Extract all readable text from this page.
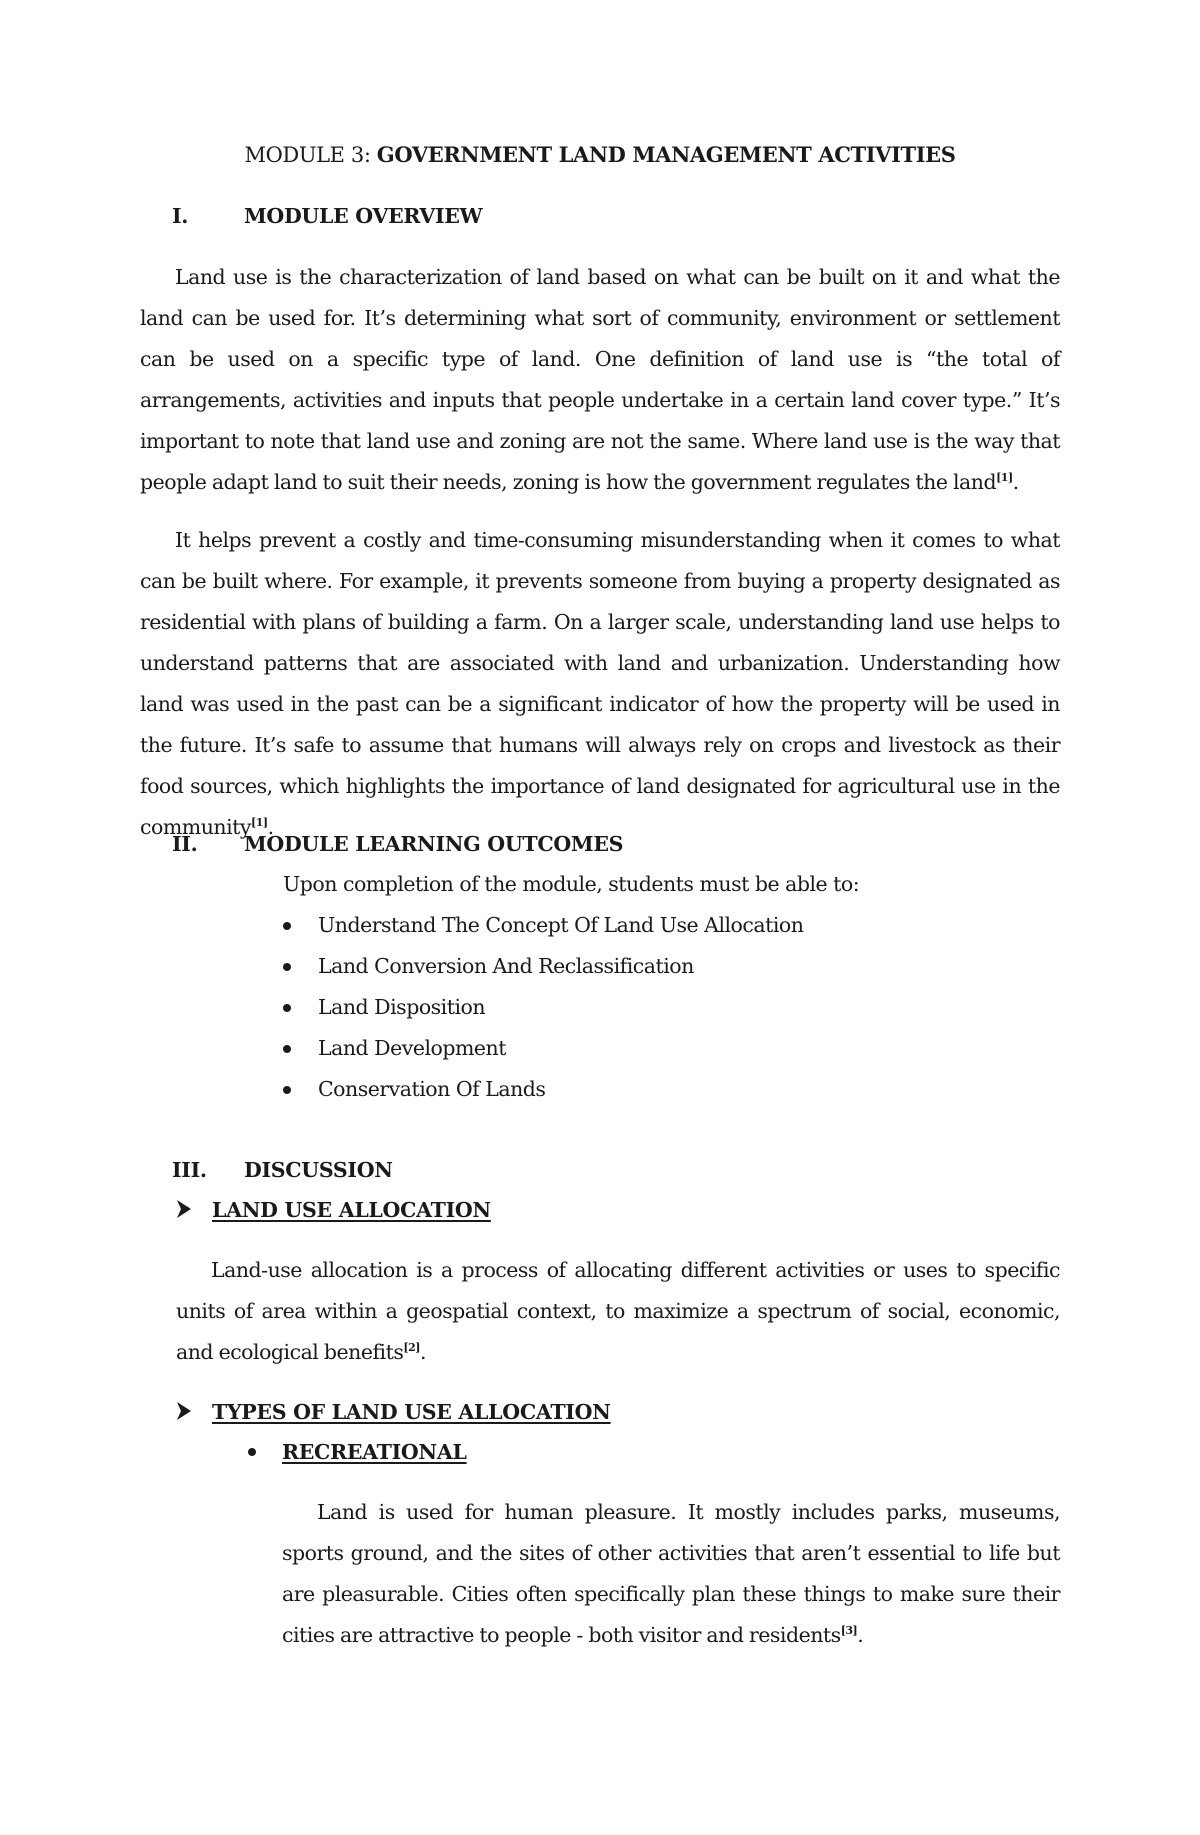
MODULE 3: GOVERNMENT LAND MANAGEMENT ACTIVITIES
I.	MODULE OVERVIEW

Land use is the characterization of land based on what can be built on it and what the land can be used for. It’s determining what sort of community, environment or settlement can be used on a specific type of land. One definition of land use is “the total of arrangements, activities and inputs that people undertake in a certain land cover type.” It’s important to note that land use and zoning are not the same. Where land use is the way that people adapt land to suit their needs, zoning is how the government regulates the land[1].

It helps prevent a costly and time-consuming misunderstanding when it comes to what can be built where. For example, it prevents someone from buying a property designated as residential with plans of building a farm. On a larger scale, understanding land use helps to understand patterns that are associated with land and urbanization. Understanding how land was used in the past can be a significant indicator of how the property will be used in the future. It’s safe to assume that humans will always rely on crops and livestock as their food sources, which highlights the importance of land designated for agricultural use in the community[1].

II. MODULE LEARNING OUTCOMES
Upon completion of the module, students must be able to:
Understand The Concept Of Land Use Allocation
Land Conversion And Reclassification
Land Disposition
Land Development
Conservation Of Lands
III. DISCUSSION
LAND USE ALLOCATION

Land-use allocation is a process of allocating different activities or uses to specific units of area within a geospatial context, to maximize a spectrum of social, economic, and ecological benefits[2].

TYPES OF LAND USE ALLOCATION
RECREATIONAL

Land is used for human pleasure. It mostly includes parks, museums, sports ground, and the sites of other activities that aren’t essential to life but are pleasurable. Cities often specifically plan these things to make sure their cities are attractive to people - both visitor and residents[3].
